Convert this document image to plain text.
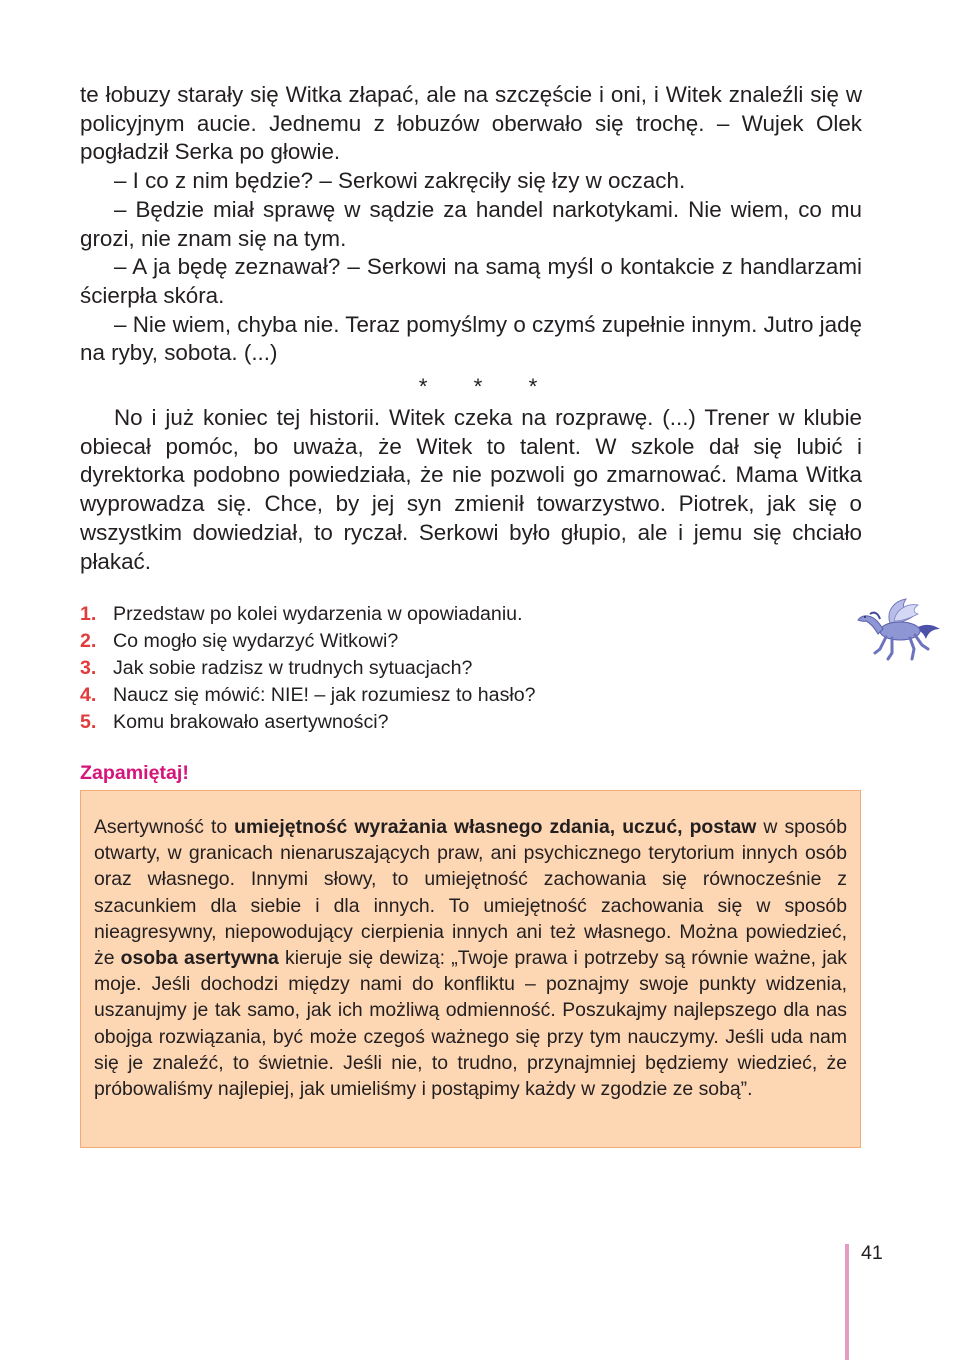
te łobuzy starały się Witka złapać, ale na szczęście i oni, i Witek znaleźli się w policyjnym aucie. Jednemu z łobuzów oberwało się trochę. – Wujek Olek pogładził Serka po głowie.

– I co z nim będzie? – Serkowi zakręciły się łzy w oczach.

– Będzie miał sprawę w sądzie za handel narkotykami. Nie wiem, co mu grozi, nie znam się na tym.

– A ja będę zeznawał? – Serkowi na samą myśl o kontakcie z handlarzami ścierpła skóra.

– Nie wiem, chyba nie. Teraz pomyślmy o czymś zupełnie innym. Jutro jadę na ryby, sobota. (...)

* * *

No i już koniec tej historii. Witek czeka na rozprawę. (...) Trener w klubie obiecał pomóc, bo uważa, że Witek to talent. W szkole dał się lubić i dyrektorka podobno powiedziała, że nie pozwoli go zmarnować. Mama Witka wyprowadza się. Chce, by jej syn zmienił towarzystwo. Piotrek, jak się o wszystkim dowiedział, to ryczał. Serkowi było głupio, ale i jemu się chciało płakać.

1. Przedstaw po kolei wydarzenia w opowiadaniu.
2. Co mogło się wydarzyć Witkowi?
3. Jak sobie radzisz w trudnych sytuacjach?
4. Naucz się mówić: NIE! – jak rozumiesz to hasło?
5. Komu brakowało asertywności?
Zapamiętaj!
Asertywność to umiejętność wyrażania własnego zdania, uczuć, postaw w sposób otwarty, w granicach nienaruszających praw, ani psychicznego terytorium innych osób oraz własnego. Innymi słowy, to umiejętność zachowania się równocześnie z szacunkiem dla siebie i dla innych. To umiejętność zachowania się w sposób nieagresywny, niepowodujący cierpienia innych ani też własnego. Można powiedzieć, że osoba asertywna kieruje się dewizą: „Twoje prawa i potrzeby są równie ważne, jak moje. Jeśli dochodzi między nami do konfliktu – poznajmy swoje punkty widzenia, uszanujmy je tak samo, jak ich możliwą odmienność. Poszukajmy najlepszego dla nas obojga rozwiązania, być może czegoś ważnego się przy tym nauczymy. Jeśli uda nam się je znaleźć, to świetnie. Jeśli nie, to trudno, przynajmniej będziemy wiedzieć, że próbowaliśmy najlepiej, jak umieliśmy i postąpimy każdy w zgodzie ze sobą”.
41
